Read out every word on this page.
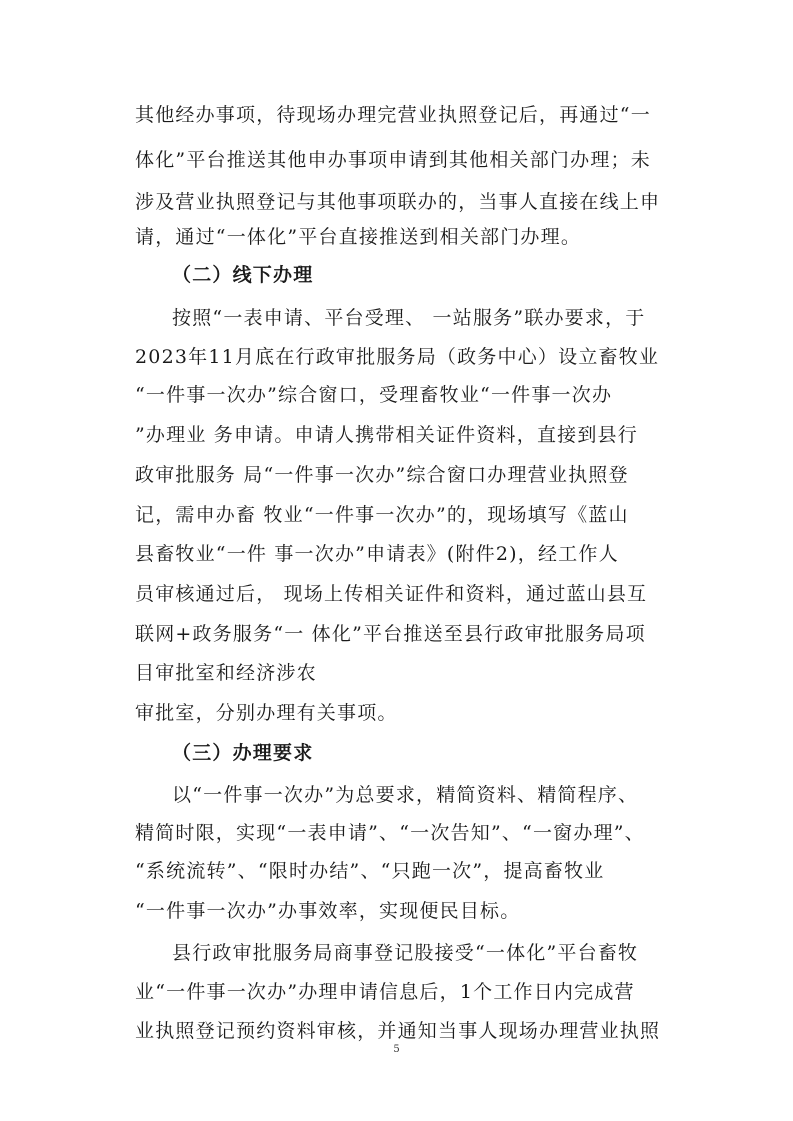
其他经办事项，待现场办理完营业执照登记后，再通过“一
体化”平台推送其他申办事项申请到其他相关部门办理；未
涉及营业执照登记与其他事项联办的，当事人直接在线上申
请，通过“一体化”平台直接推送到相关部门办理。
（二）线下办理
按照“一表申请、平台受理、 一站服务”联办要求，于
2023年11月底在行政审批服务局（政务中心）设立畜牧业
“一件事一次办”综合窗口，受理畜牧业“一件事一次办
”办理业 务申请。申请人携带相关证件资料，直接到县行
政审批服务 局“一件事一次办”综合窗口办理营业执照登
记，需申办畜 牧业“一件事一次办”的，现场填写《蓝山
县畜牧业“一件 事一次办”申请表》(附件2)，经工作人
员审核通过后， 现场上传相关证件和资料，通过蓝山县互
联网+政务服务“一 体化”平台推送至县行政审批服务局项
目审批室和经济涉农
审批室，分别办理有关事项。
（三）办理要求
以“一件事一次办”为总要求，精简资料、精简程序、
精简时限，实现“一表申请”、“一次告知”、“一窗办理”、
“系统流转”、“限时办结”、“只跑一次”，提高畜牧业
“一件事一次办”办事效率，实现便民目标。
县行政审批服务局商事登记股接受“一体化”平台畜牧
业“一件事一次办”办理申请信息后，1个工作日内完成营
业执照登记预约资料审核，并通知当事人现场办理营业执照
5
